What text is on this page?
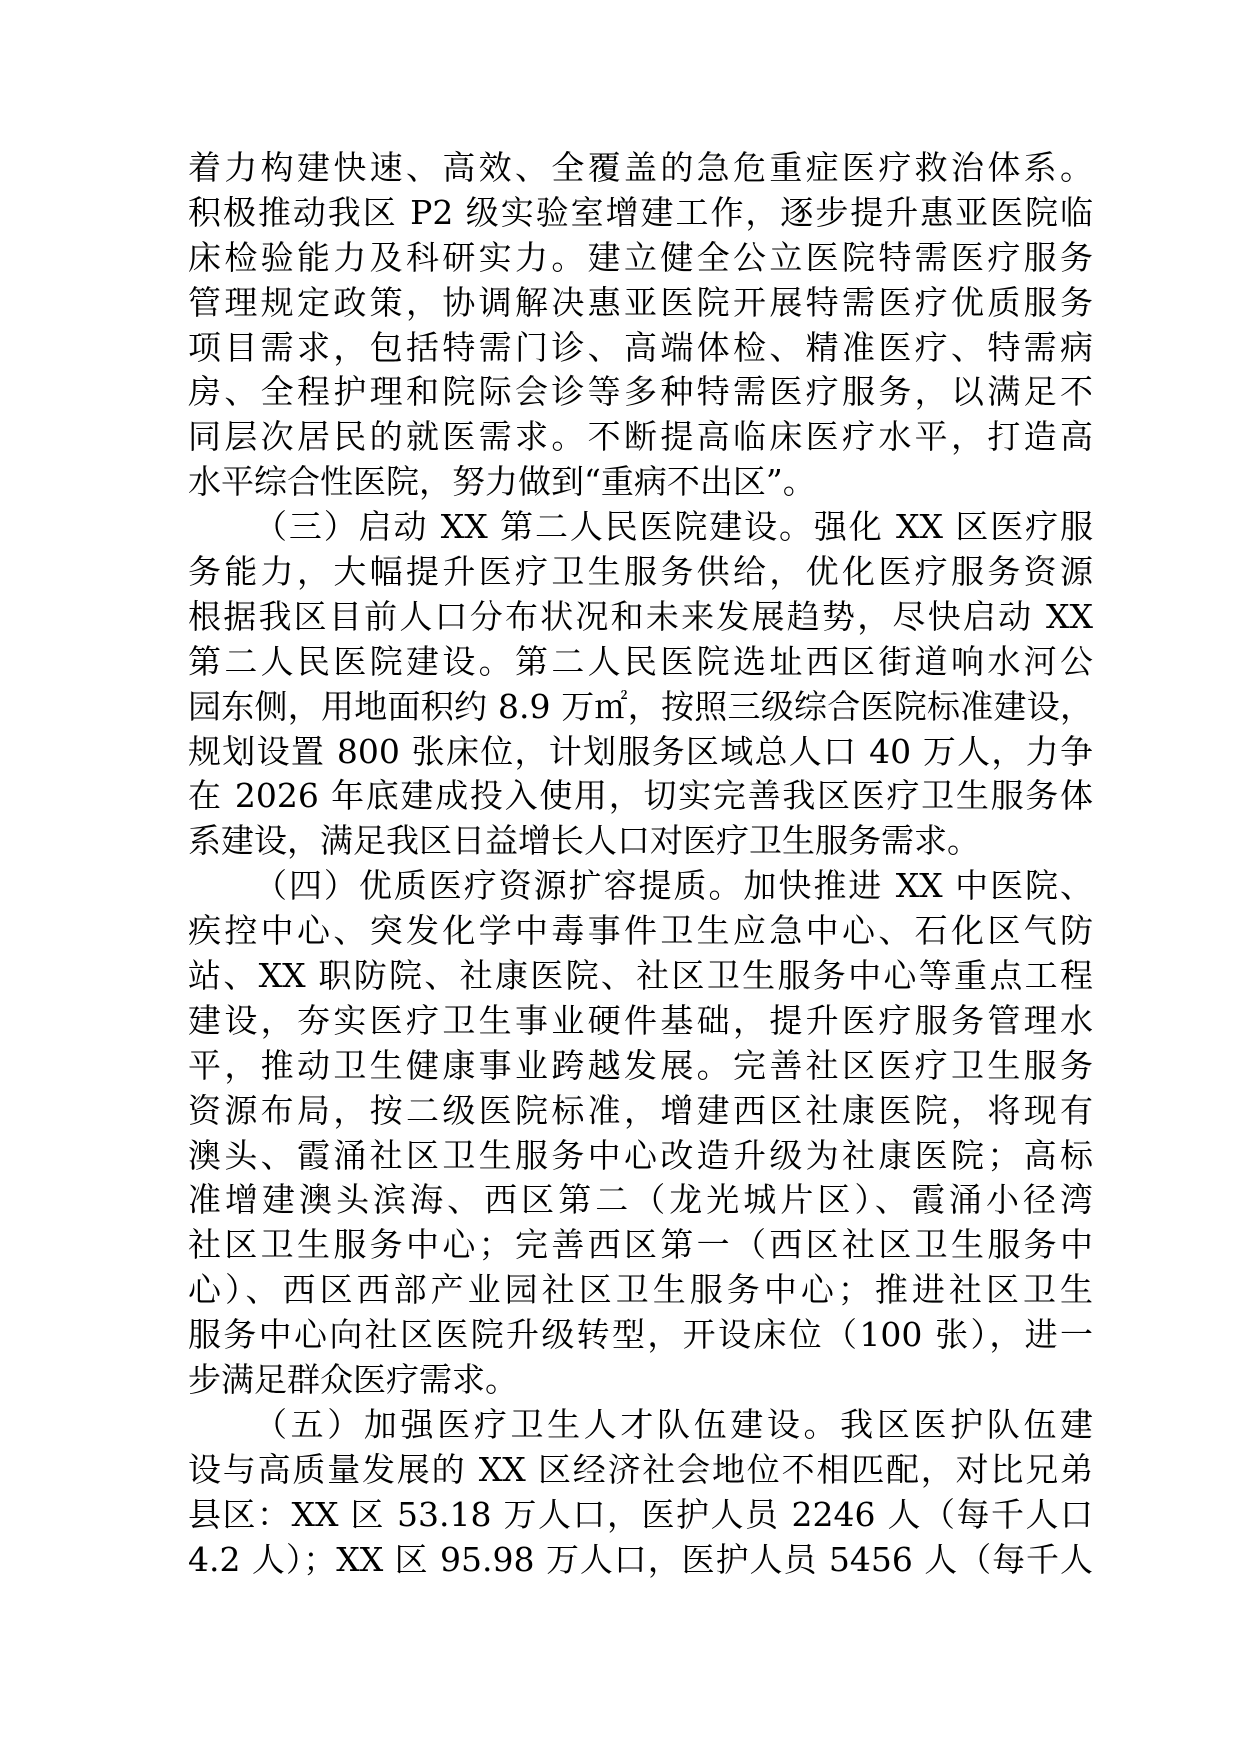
着力构建快速、高效、全覆盖的急危重症医疗救治体系。
积极推动我区 P2 级实验室增建工作，逐步提升惠亚医院临
床检验能力及科研实力。建立健全公立医院特需医疗服务
管理规定政策，协调解决惠亚医院开展特需医疗优质服务
项目需求，包括特需门诊、高端体检、精准医疗、特需病
房、全程护理和院际会诊等多种特需医疗服务，以满足不
同层次居民的就医需求。不断提高临床医疗水平，打造高
水平综合性医院，努力做到“重病不出区”。
（三）启动 XX 第二人民医院建设。强化 XX 区医疗服
务能力，大幅提升医疗卫生服务供给，优化医疗服务资源
根据我区目前人口分布状况和未来发展趋势，尽快启动 XX
第二人民医院建设。第二人民医院选址西区街道响水河公
园东侧，用地面积约 8.9 万㎡，按照三级综合医院标准建设，
规划设置 800 张床位，计划服务区域总人口 40 万人，力争
在 2026 年底建成投入使用，切实完善我区医疗卫生服务体
系建设，满足我区日益增长人口对医疗卫生服务需求。
（四）优质医疗资源扩容提质。加快推进 XX 中医院、
疾控中心、突发化学中毒事件卫生应急中心、石化区气防
站、XX 职防院、社康医院、社区卫生服务中心等重点工程
建设，夯实医疗卫生事业硬件基础，提升医疗服务管理水
平，推动卫生健康事业跨越发展。完善社区医疗卫生服务
资源布局，按二级医院标准，增建西区社康医院，将现有
澳头、霞涌社区卫生服务中心改造升级为社康医院；高标
准增建澳头滨海、西区第二（龙光城片区）、霞涌小径湾
社区卫生服务中心；完善西区第一（西区社区卫生服务中
心）、西区西部产业园社区卫生服务中心；推进社区卫生
服务中心向社区医院升级转型，开设床位（100 张），进一
步满足群众医疗需求。
（五）加强医疗卫生人才队伍建设。我区医护队伍建
设与高质量发展的 XX 区经济社会地位不相匹配，对比兄弟
县区：XX 区 53.18 万人口，医护人员 2246 人（每千人口
4.2 人）；XX 区 95.98 万人口，医护人员 5456 人（每千人
